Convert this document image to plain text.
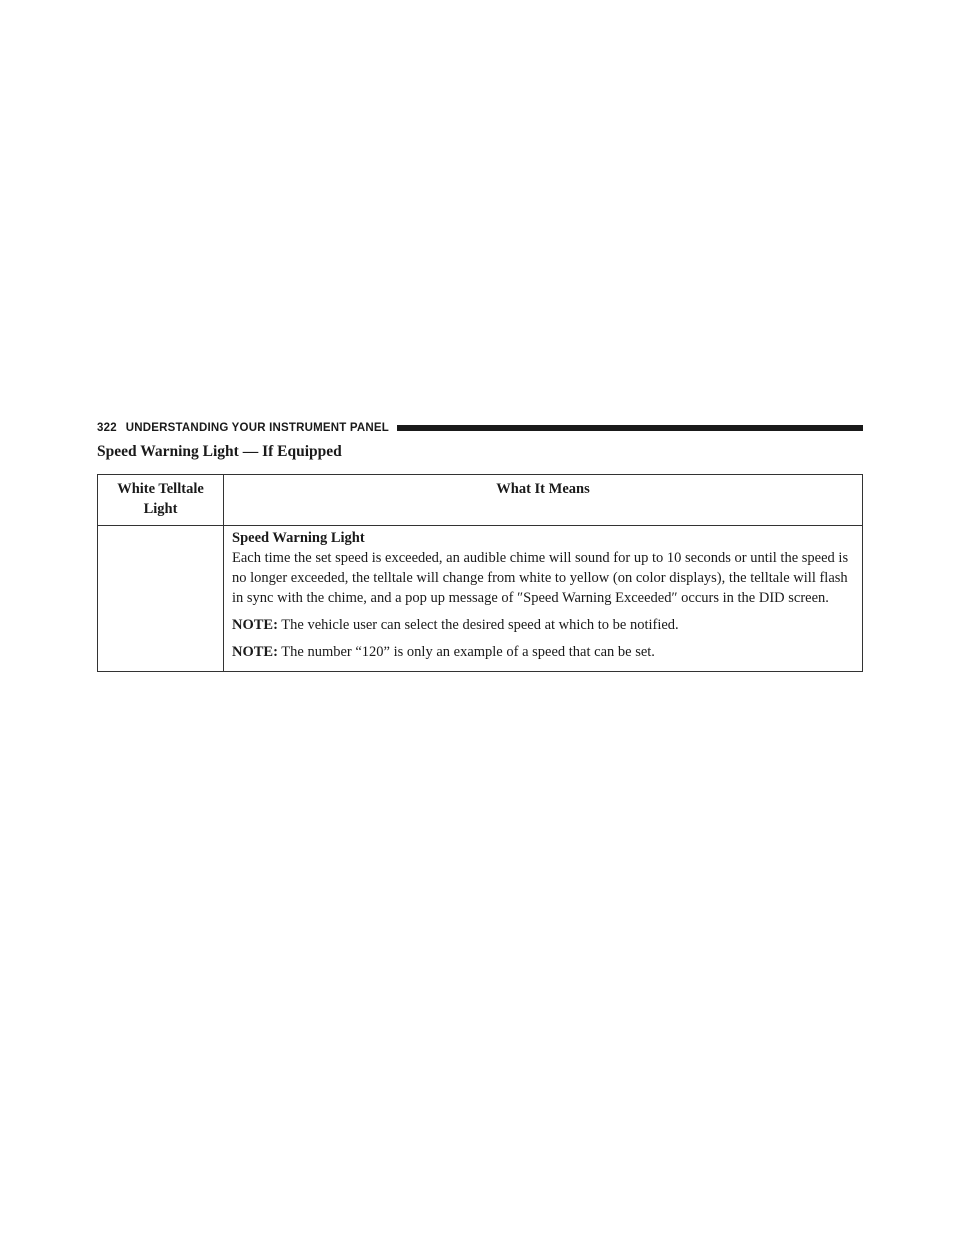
322 UNDERSTANDING YOUR INSTRUMENT PANEL
Speed Warning Light — If Equipped
White Telltale Light	What It Means

	Speed Warning Light
Each time the set speed is exceeded, an audible chime will sound for up to 10 seconds or until the speed is no longer exceeded, the telltale will change from white to yellow (on color displays), the telltale will flash in sync with the chime, and a pop up message of ″Speed Warning Exceeded″ occurs in the DID screen.
NOTE: The vehicle user can select the desired speed at which to be notified.
NOTE: The number “120” is only an example of a speed that can be set.
